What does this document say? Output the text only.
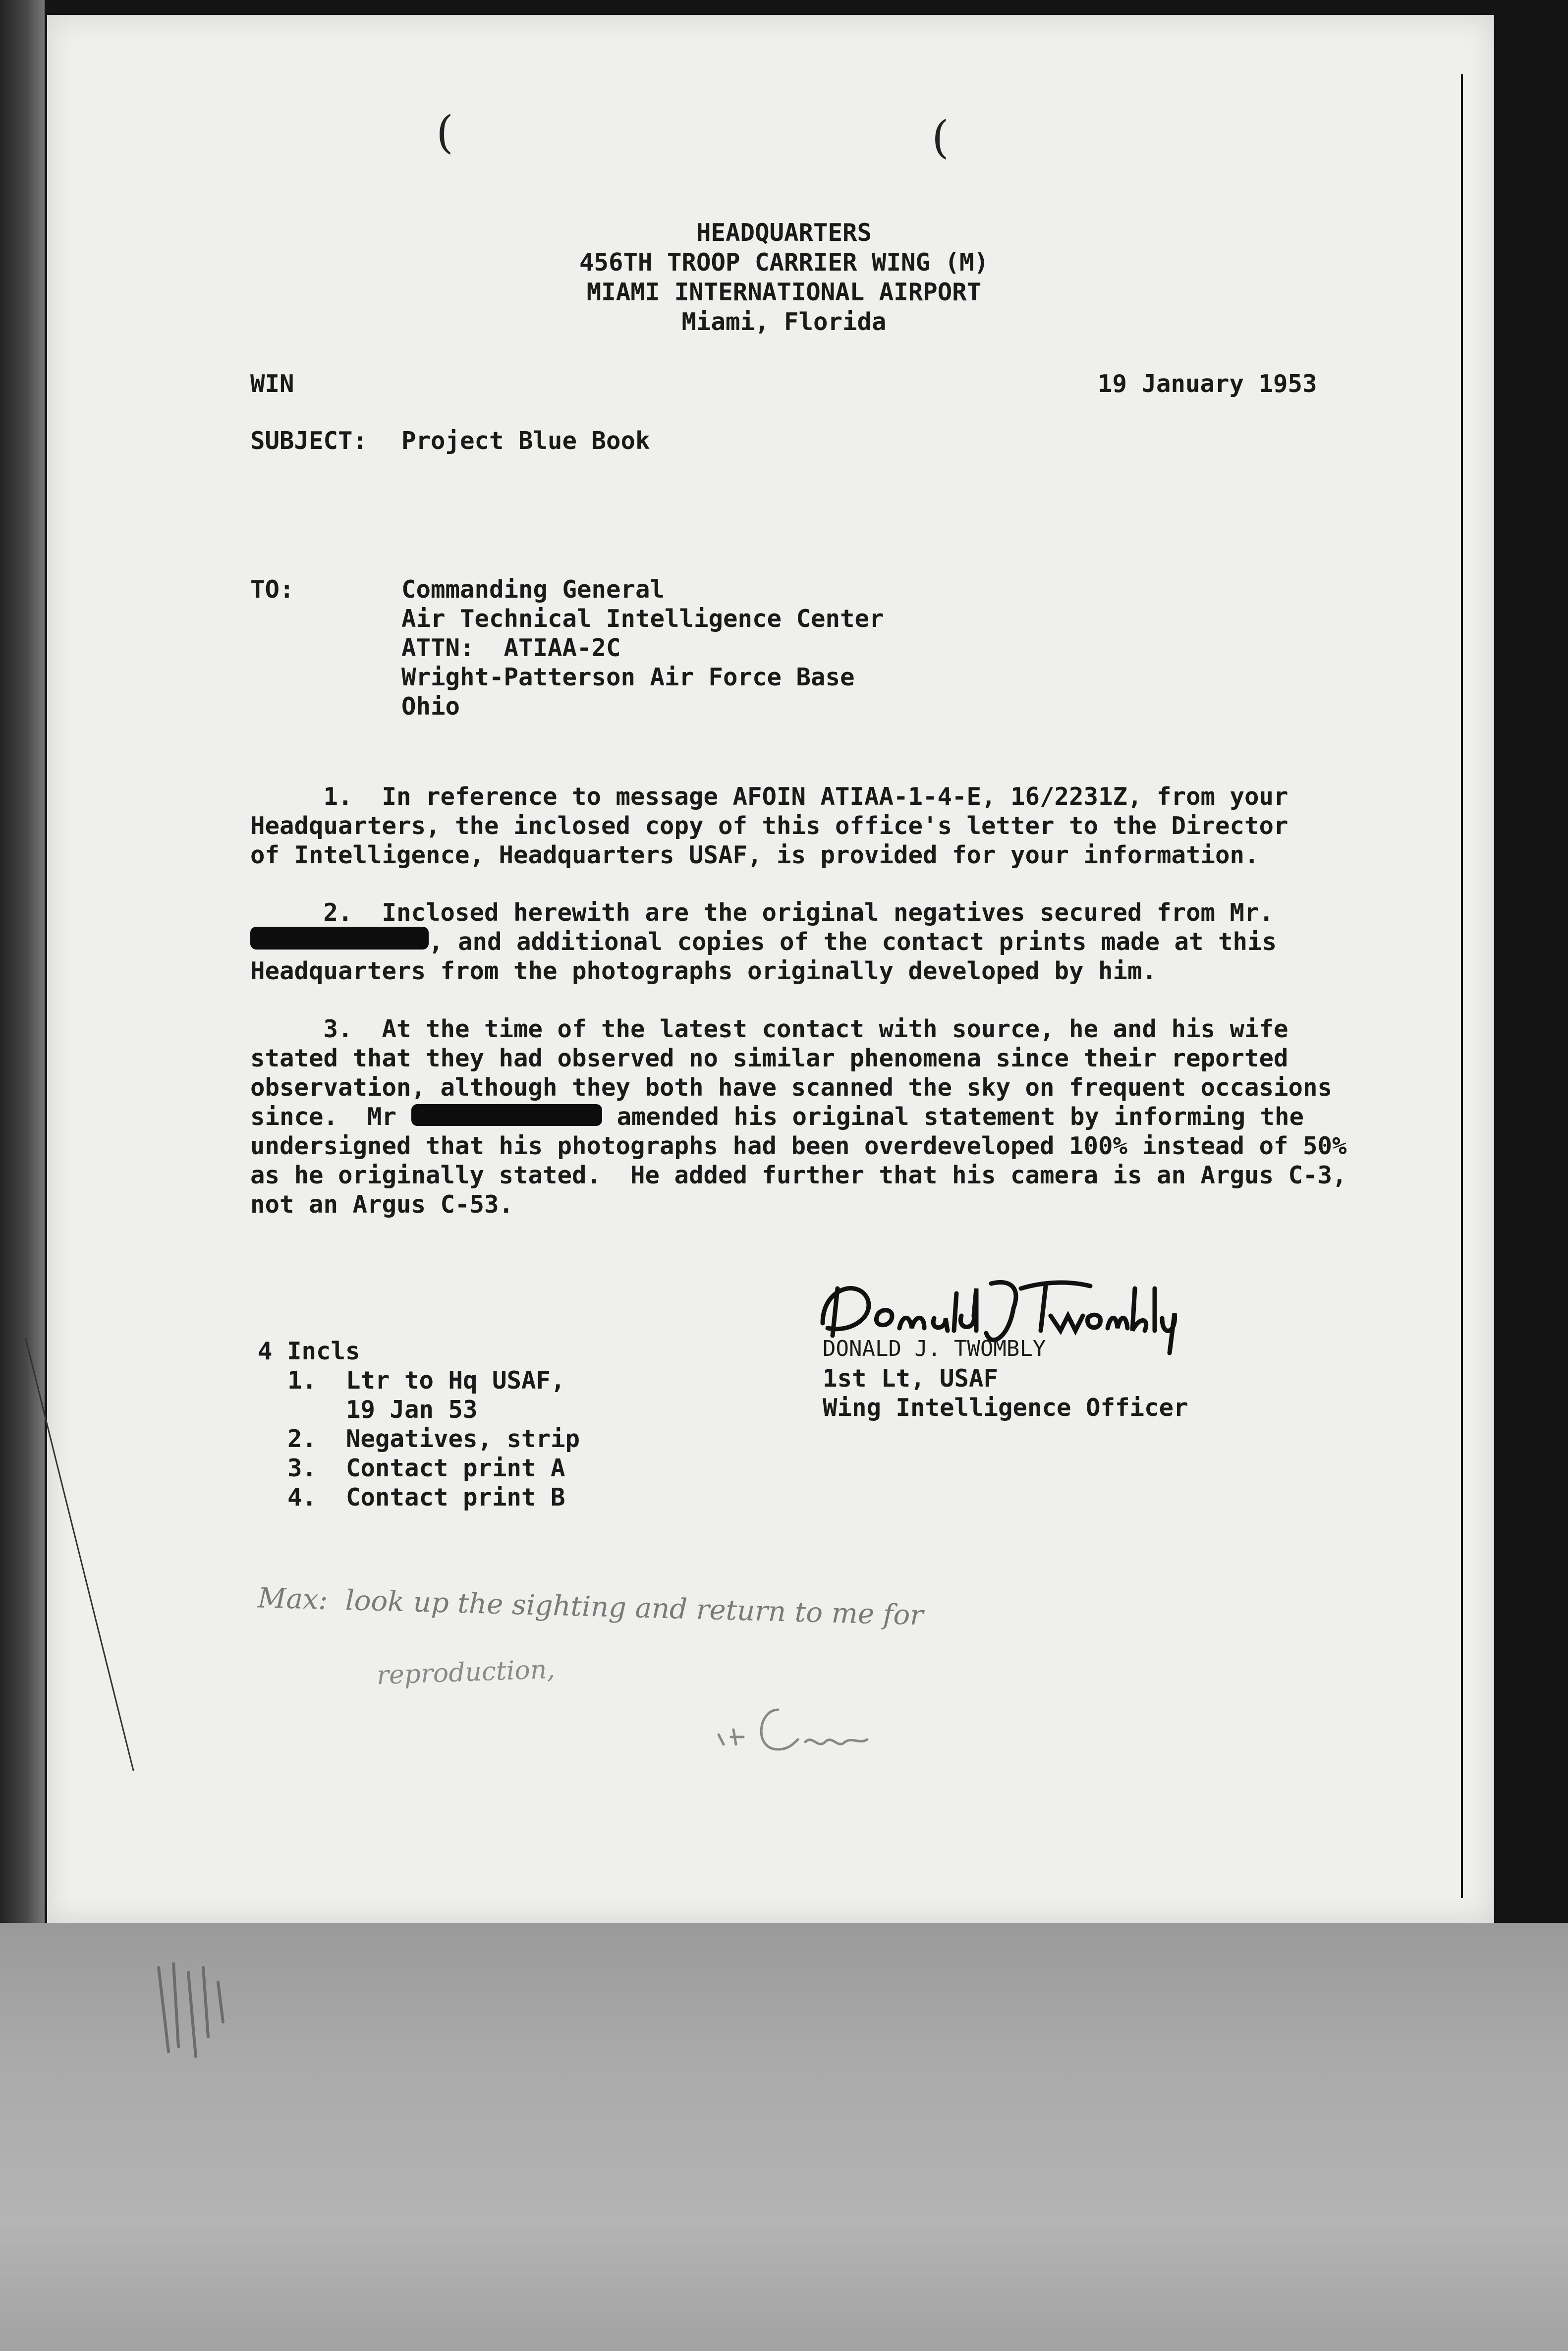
(	(
HEADQUARTERS
456TH TROOP CARRIER WING (M)
MIAMI INTERNATIONAL AIRPORT
Miami, Florida
WIN	19 January 1953
SUBJECT: Project Blue Book
TO:	Commanding General
Air Technical Intelligence Center
ATTN:  ATIAA-2C
Wright-Patterson Air Force Base
Ohio
1.  In reference to message AFOIN ATIAA-1-4-E, 16/2231Z, from your
Headquarters, the inclosed copy of this office's letter to the Director
of Intelligence, Headquarters USAF, is provided for your information.
2.  Inclosed herewith are the original negatives secured from Mr.
, and additional copies of the contact prints made at this
Headquarters from the photographs originally developed by him.
3.  At the time of the latest contact with source, he and his wife
stated that they had observed no similar phenomena since their reported
observation, although they both have scanned the sky on frequent occasions
since.  Mr	amended his original statement by informing the
undersigned that his photographs had been overdeveloped 100% instead of 50%
as he originally stated.  He added further that his camera is an Argus C-3,
not an Argus C-53.
DONALD J. TWOMBLY
1st Lt, USAF
Wing Intelligence Officer
4 Incls
1.  Ltr to Hq USAF,
19 Jan 53
2.  Negatives, strip
3.  Contact print A
4.  Contact print B
Max:  look up the sighting and return to me for
reproduction,
